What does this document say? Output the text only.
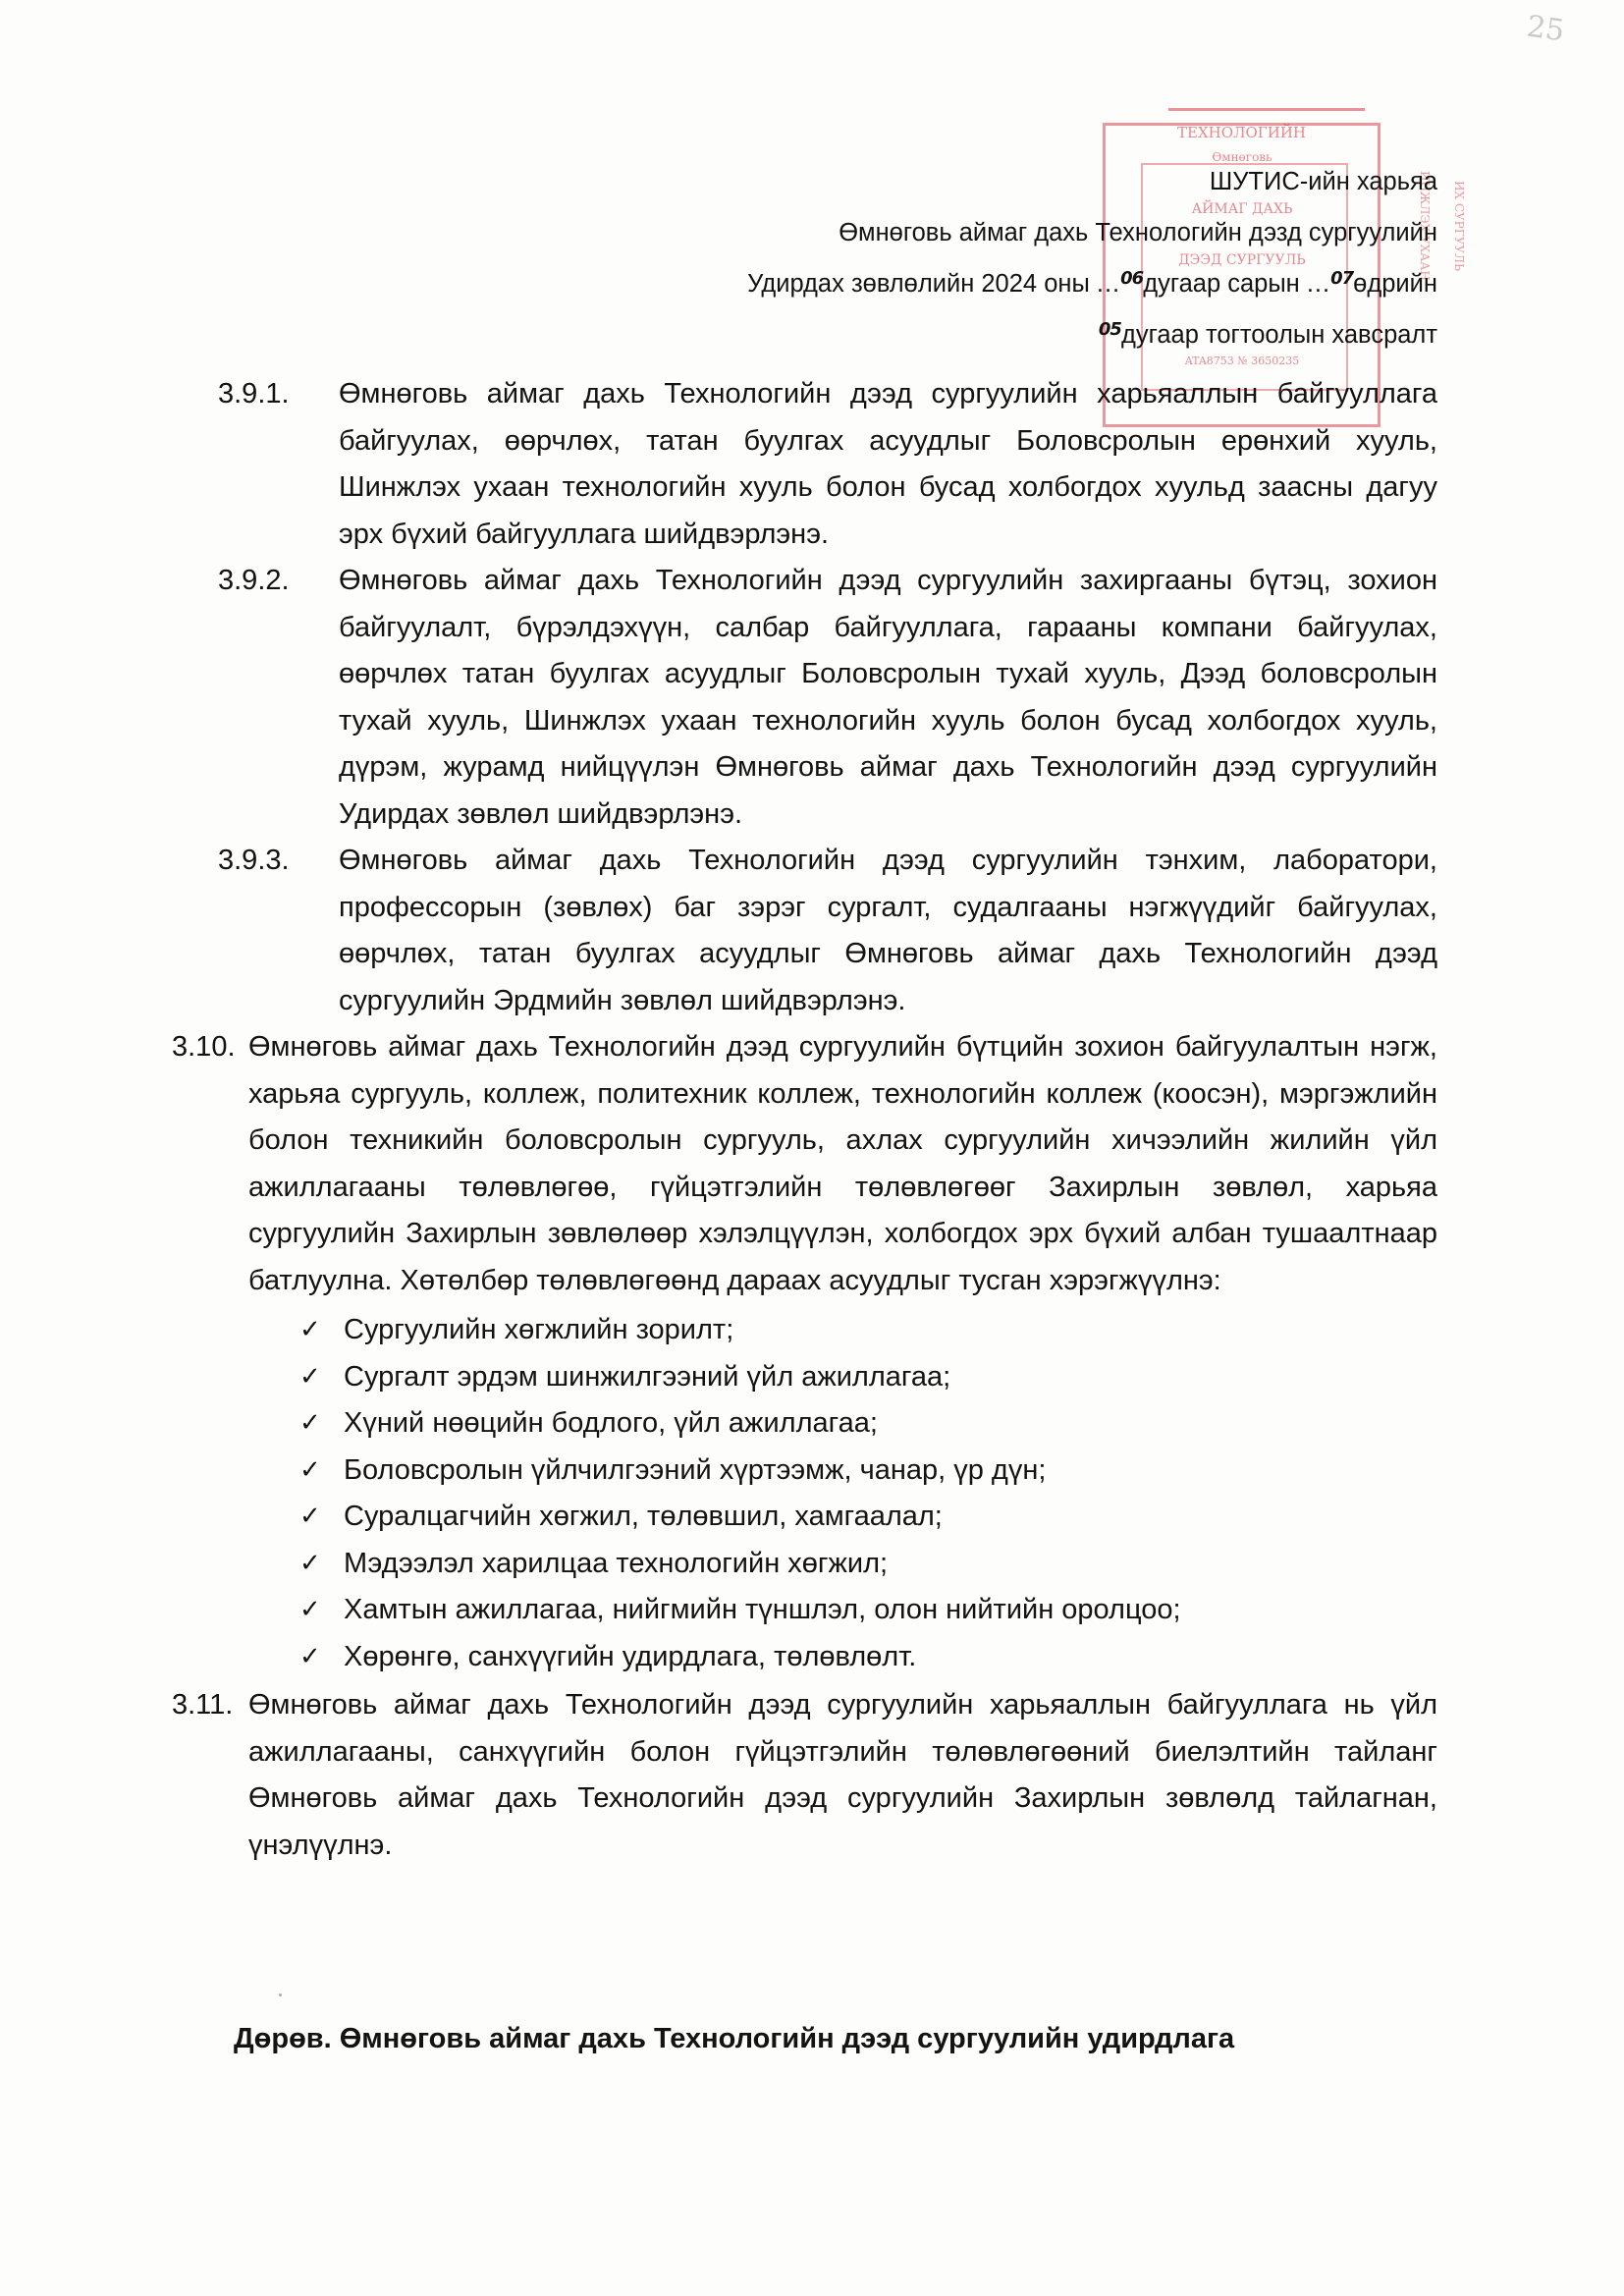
25
ТЕХНОЛОГИЙН
Өмнөговь
АЙМАГ ДАХЬ
ДЭЭД СУРГУУЛЬ
ATA8753 № 3650235
ИНЖЛЭХ УХААН	ИХ СУРГУУЛЬ
ШУТИС-ийн харьяа
Өмнөговь аймаг дахь Технологийн дэзд сургуулийн
Удирдах зөвлөлийн 2024 оны ...$^{06}$дугаар сарын ...$^{07}$өдрийн
$^{05}$дугаар тогтоолын хавсралт
3.9.1. Өмнөговь аймаг дахь Технологийн дээд сургуулийн харьяаллын байгууллага байгуулах, өөрчлөх, татан буулгах асуудлыг Боловсролын ерөнхий хууль, Шинжлэх ухаан технологийн хууль болон бусад холбогдох хуульд заасны дагуу эрх бүхий байгууллага шийдвэрлэнэ.
3.9.2. Өмнөговь аймаг дахь Технологийн дээд сургуулийн захиргааны бүтэц, зохион байгуулалт, бүрэлдэхүүн, салбар байгууллага, гараaны компани байгуулах, өөрчлөх татан буулгах асуудлыг Боловсролын тухай хууль, Дээд боловсролын тухай хууль, Шинжлэх ухаан технологийн хууль болон бусад холбогдох хууль, дүрэм, журамд нийцүүлэн Өмнөговь аймаг дахь Технологийн дээд сургуулийн Удирдах зөвлөл шийдвэрлэнэ.
3.9.3. Өмнөговь аймаг дахь Технологийн дээд сургуулийн тэнхим, лаборатори, профессорын (зөвлөх) баг зэрэг сургалт, судалгааны нэгжүүдийг байгуулах, өөрчлөх, татан буулгах асуудлыг Өмнөговь аймаг дахь Технологийн дээд сургуулийн Эрдмийн зөвлөл шийдвэрлэнэ.
3.10. Өмнөговь аймаг дахь Технологийн дээд сургуулийн бүтцийн зохион байгуулалтын нэгж, харьяа сургууль, коллеж, политехник коллеж, технологийн коллеж (коосэн), мэргэжлийн болон техникийн боловсролын сургууль, ахлах сургуулийн хичээлийн жилийн үйл ажиллагааны төлөвлөгөө, гүйцэтгэлийн төлөвлөгөөг Захирлын зөвлөл, харьяа сургуулийн Захирлын зөвлөлөөр хэлэлцүүлэн, холбогдох эрх бүхий албан тушаалтнаар батлуулна. Хөтөлбөр төлөвлөгөөнд дараах асуудлыг тусган хэрэгжүүлнэ:
✓ Сургуулийн хөгжлийн зорилт;
✓ Сургалт эрдэм шинжилгээний үйл ажиллагаа;
✓ Хүний нөөцийн бодлого, үйл ажиллагаа;
✓ Боловсролын үйлчилгээний хүртээмж, чанар, үр дүн;
✓ Суралцагчийн хөгжил, төлөвшил, хамгаалал;
✓ Мэдээлэл харилцаа технологийн хөгжил;
✓ Хамтын ажиллагаа, нийгмийн түншлэл, олон нийтийн оролцоо;
✓ Хөрөнгө, санхүүгийн удирдлага, төлөвлөлт.
3.11. Өмнөговь аймаг дахь Технологийн дээд сургуулийн харьяаллын байгууллага нь үйл ажиллагааны, санхүүгийн болон гүйцэтгэлийн төлөвлөгөөний биелэлтийн тайланг Өмнөговь аймаг дахь Технологийн дээд сургуулийн Захирлын зөвлөлд тайлагнан, үнэлүүлнэ.
Дөрөв. Өмнөговь аймаг дахь Технологийн дээд сургуулийн удирдлага
